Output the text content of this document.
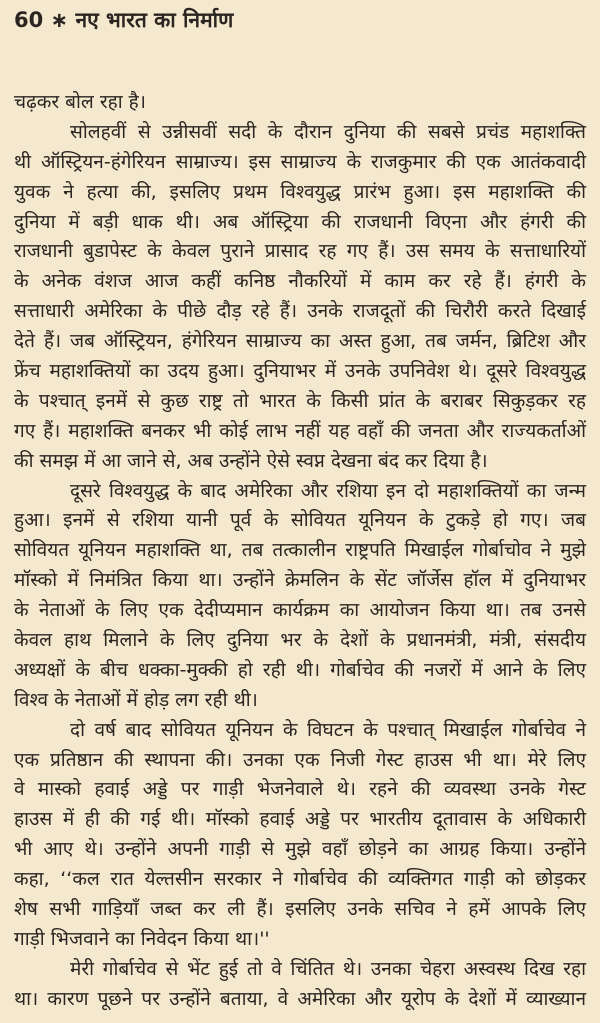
60 ∗ नए भारत का निर्माण
चढ़कर बोल रहा है।
सोलहवीं से उन्नीसवीं सदी के दौरान दुनिया की सबसे प्रचंड महाशक्ति
थी ऑस्ट्रियन-हंगेरियन साम्राज्य। इस साम्राज्य के राजकुमार की एक आतंकवादी
युवक ने हत्या की, इसलिए प्रथम विश्वयुद्ध प्रारंभ हुआ। इस महाशक्ति की
दुनिया में बड़ी धाक थी। अब ऑस्ट्रिया की राजधानी विएना और हंगरी की
राजधानी बुडापेस्ट के केवल पुराने प्रासाद रह गए हैं। उस समय के सत्ताधारियों
के अनेक वंशज आज कहीं कनिष्ठ नौकरियों में काम कर रहे हैं। हंगरी के
सत्ताधारी अमेरिका के पीछे दौड़ रहे हैं। उनके राजदूतों की चिरौरी करते दिखाई
देते हैं। जब ऑस्ट्रियन, हंगेरियन साम्राज्य का अस्त हुआ, तब जर्मन, ब्रिटिश और
फ्रेंच महाशक्तियों का उदय हुआ। दुनियाभर में उनके उपनिवेश थे। दूसरे विश्वयुद्ध
के पश्चात् इनमें से कुछ राष्ट्र तो भारत के किसी प्रांत के बराबर सिकुड़कर रह
गए हैं। महाशक्ति बनकर भी कोई लाभ नहीं यह वहाँ की जनता और राज्यकर्ताओं
की समझ में आ जाने से, अब उन्होंने ऐसे स्वप्न देखना बंद कर दिया है।
दूसरे विश्वयुद्ध के बाद अमेरिका और रशिया इन दो महाशक्तियों का जन्म
हुआ। इनमें से रशिया यानी पूर्व के सोवियत यूनियन के टुकड़े हो गए। जब
सोवियत यूनियन महाशक्ति था, तब तत्कालीन राष्ट्रपति मिखाईल गोर्बाचोव ने मुझे
मॉस्को में निमंत्रित किया था। उन्होंने क्रेमलिन के सेंट जॉर्जेस हॉल में दुनियाभर
के नेताओं के लिए एक देदीप्यमान कार्यक्रम का आयोजन किया था। तब उनसे
केवल हाथ मिलाने के लिए दुनिया भर के देशों के प्रधानमंत्री, मंत्री, संसदीय
अध्यक्षों के बीच धक्का-मुक्की हो रही थी। गोर्बाचेव की नजरों में आने के लिए
विश्व के नेताओं में होड़ लग रही थी।
दो वर्ष बाद सोवियत यूनियन के विघटन के पश्चात् मिखाईल गोर्बाचेव ने
एक प्रतिष्ठान की स्थापना की। उनका एक निजी गेस्ट हाउस भी था। मेरे लिए
वे मास्को हवाई अड्डे पर गाड़ी भेजनेवाले थे। रहने की व्यवस्था उनके गेस्ट
हाउस में ही की गई थी। मॉस्को हवाई अड्डे पर भारतीय दूतावास के अधिकारी
भी आए थे। उन्होंने अपनी गाड़ी से मुझे वहाँ छोड़ने का आग्रह किया। उन्होंने
कहा, ‘‘कल रात येल्तसीन सरकार ने गोर्बाचेव की व्यक्तिगत गाड़ी को छोड़कर
शेष सभी गाड़ियाँ जब्त कर ली हैं। इसलिए उनके सचिव ने हमें आपके लिए
गाड़ी भिजवाने का निवेदन किया था।''
मेरी गोर्बाचेव से भेंट हुई तो वे चिंतित थे। उनका चेहरा अस्वस्थ दिख रहा
था। कारण पूछने पर उन्होंने बताया, वे अमेरिका और यूरोप के देशों में व्याख्यान
